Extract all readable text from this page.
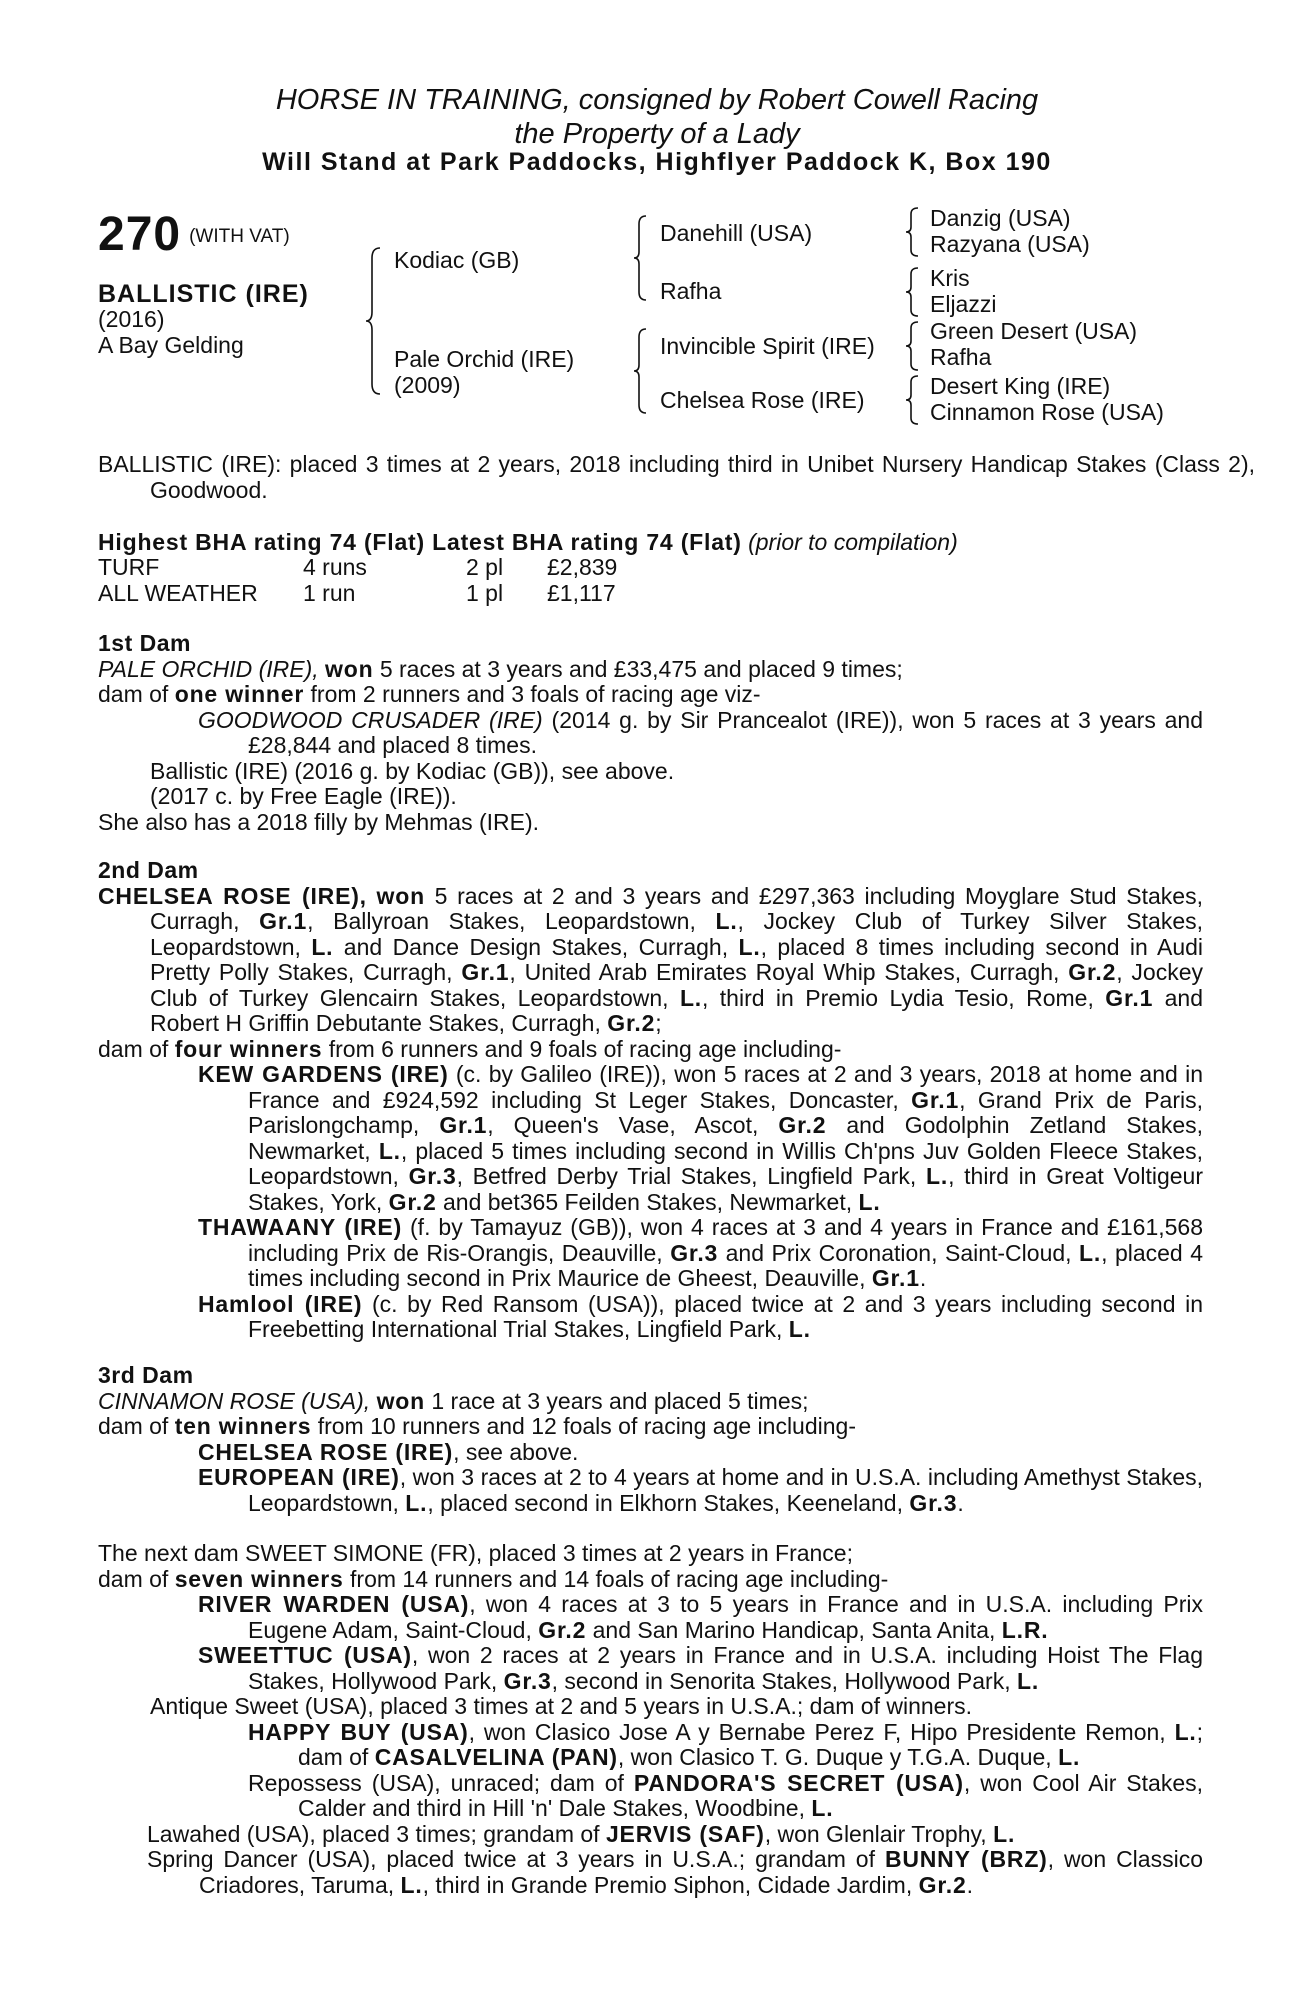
HORSE IN TRAINING, consigned by Robert Cowell Racing
the Property of a Lady
Will Stand at Park Paddocks, Highflyer Paddock K, Box 190
270 (WITH VAT)
BALLISTIC (IRE)
(2016)
A Bay Gelding
Kodiac (GB)
Pale Orchid (IRE)
(2009)
Danehill (USA)
Rafha
Invincible Spirit (IRE)
Chelsea Rose (IRE)
Danzig (USA)
Razyana (USA)
Kris
Eljazzi
Green Desert (USA)
Rafha
Desert King (IRE)
Cinnamon Rose (USA)
BALLISTIC (IRE): placed 3 times at 2 years, 2018 including third in Unibet Nursery Handicap Stakes (Class 2), Goodwood.
Highest BHA rating 74 (Flat) Latest BHA rating 74 (Flat) (prior to compilation)
TURF	4 runs	2 pl	£2,839
ALL WEATHER	1 run	1 pl	£1,117
1st Dam
PALE ORCHID (IRE), won 5 races at 3 years and £33,475 and placed 9 times;
dam of one winner from 2 runners and 3 foals of racing age viz-
GOODWOOD CRUSADER (IRE) (2014 g. by Sir Prancealot (IRE)), won 5 races at 3 years and £28,844 and placed 8 times.
Ballistic (IRE) (2016 g. by Kodiac (GB)), see above.
(2017 c. by Free Eagle (IRE)).
She also has a 2018 filly by Mehmas (IRE).
2nd Dam
CHELSEA ROSE (IRE), won 5 races at 2 and 3 years and £297,363 including Moyglare Stud Stakes, Curragh, Gr.1, Ballyroan Stakes, Leopardstown, L., Jockey Club of Turkey Silver Stakes, Leopardstown, L. and Dance Design Stakes, Curragh, L., placed 8 times including second in Audi Pretty Polly Stakes, Curragh, Gr.1, United Arab Emirates Royal Whip Stakes, Curragh, Gr.2, Jockey Club of Turkey Glencairn Stakes, Leopardstown, L., third in Premio Lydia Tesio, Rome, Gr.1 and Robert H Griffin Debutante Stakes, Curragh, Gr.2;
dam of four winners from 6 runners and 9 foals of racing age including-
KEW GARDENS (IRE) (c. by Galileo (IRE)), won 5 races at 2 and 3 years, 2018 at home and in France and £924,592 including St Leger Stakes, Doncaster, Gr.1, Grand Prix de Paris, Parislongchamp, Gr.1, Queen's Vase, Ascot, Gr.2 and Godolphin Zetland Stakes, Newmarket, L., placed 5 times including second in Willis Ch'pns Juv Golden Fleece Stakes, Leopardstown, Gr.3, Betfred Derby Trial Stakes, Lingfield Park, L., third in Great Voltigeur Stakes, York, Gr.2 and bet365 Feilden Stakes, Newmarket, L.
THAWAANY (IRE) (f. by Tamayuz (GB)), won 4 races at 3 and 4 years in France and £161,568 including Prix de Ris-Orangis, Deauville, Gr.3 and Prix Coronation, Saint-Cloud, L., placed 4 times including second in Prix Maurice de Gheest, Deauville, Gr.1.
Hamlool (IRE) (c. by Red Ransom (USA)), placed twice at 2 and 3 years including second in Freebetting International Trial Stakes, Lingfield Park, L.
3rd Dam
CINNAMON ROSE (USA), won 1 race at 3 years and placed 5 times;
dam of ten winners from 10 runners and 12 foals of racing age including-
CHELSEA ROSE (IRE), see above.
EUROPEAN (IRE), won 3 races at 2 to 4 years at home and in U.S.A. including Amethyst Stakes, Leopardstown, L., placed second in Elkhorn Stakes, Keeneland, Gr.3.
The next dam SWEET SIMONE (FR), placed 3 times at 2 years in France;
dam of seven winners from 14 runners and 14 foals of racing age including-
RIVER WARDEN (USA), won 4 races at 3 to 5 years in France and in U.S.A. including Prix Eugene Adam, Saint-Cloud, Gr.2 and San Marino Handicap, Santa Anita, L.R.
SWEETTUC (USA), won 2 races at 2 years in France and in U.S.A. including Hoist The Flag Stakes, Hollywood Park, Gr.3, second in Senorita Stakes, Hollywood Park, L.
Antique Sweet (USA), placed 3 times at 2 and 5 years in U.S.A.; dam of winners.
HAPPY BUY (USA), won Clasico Jose A y Bernabe Perez F, Hipo Presidente Remon, L.; dam of CASALVELINA (PAN), won Clasico T. G. Duque y T.G.A. Duque, L.
Repossess (USA), unraced; dam of PANDORA'S SECRET (USA), won Cool Air Stakes, Calder and third in Hill 'n' Dale Stakes, Woodbine, L.
Lawahed (USA), placed 3 times; grandam of JERVIS (SAF), won Glenlair Trophy, L.
Spring Dancer (USA), placed twice at 3 years in U.S.A.; grandam of BUNNY (BRZ), won Classico Criadores, Taruma, L., third in Grande Premio Siphon, Cidade Jardim, Gr.2.
